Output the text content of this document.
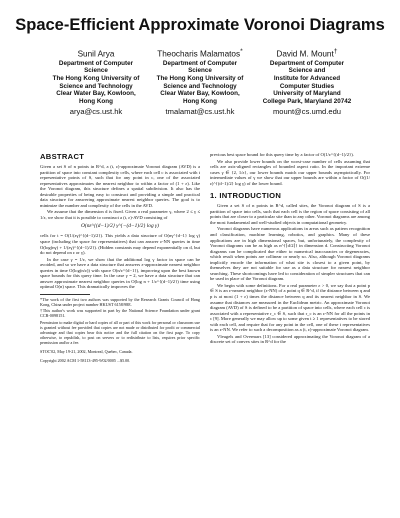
Space-Efficient Approximate Voronoi Diagrams
Sunil Arya
Department of Computer
Science
The Hong Kong University of
Science and Technology
Clear Water Bay, Kowloon,
Hong Kong
arya@cs.ust.hk
Theocharis Malamatos*
Department of Computer
Science
The Hong Kong University of
Science and Technology
Clear Water Bay, Kowloon,
Hong Kong
tmalamat@cs.ust.hk
David M. Mount†
Department of Computer
Science and
Institute for Advanced
Computer Studies
University of Maryland
College Park, Maryland 20742
mount@cs.umd.edu
ABSTRACT

Given a set S of n points in R^d, a (t, ε)-approximate Voronoi diagram (AVD) is a partition of space into constant complexity cells, where each cell c is associated with t representative points of S, such that for any point in c, one of the associated representatives approximates the nearest neighbor to within a factor of (1 + ε). Like the Voronoi diagram, this structure defines a spatial subdivision. It also has the desirable properties of being easy to construct and providing a simple and practical data structure for answering approximate nearest neighbor queries. The goal is to minimize the number and complexity of the cells in the AVD.

We assume that the dimension d is fixed. Given a real parameter γ, where 2 ≤ γ ≤ 1/ε, we show that it is possible to construct a (t, ε)-AVD consisting of

O(nε^{(d−1)/2} γ^{−(d−1)/2} log γ)

cells for t = O(1/(εγ)^{(d−1)/2}). This yields a data structure of O(nγ^{d−1} log γ) space (including the space for representatives) that can answer ε-NN queries in time O(log(nγ) + 1/(εγ)^{(d−1)/2}). (Hidden constants may depend exponentially on d, but do not depend on ε or γ).

In the case γ = 1/ε, we show that the additional log γ factor in space can be avoided, and so we have a data structure that answers ε-approximate nearest neighbor queries in time O(log(n/ε)) with space O(n/ε^{d−1}), improving upon the best known space bounds for this query time. In the case γ = 2, we have a data structure that can answer approximate nearest neighbor queries in O(log n + 1/ε^{(d−1)/2}) time using optimal O(n) space. This dramatically improves the

*The work of the first two authors was supported by the Research Grants Council of Hong Kong, China under project number HKUST 6158/98E.

†This author's work was supported in part by the National Science Foundation under grant CCR-0098151.

Permission to make digital or hard copies of all or part of this work for personal or classroom use is granted without fee provided that copies are not made or distributed for profit or commercial advantage and that copies bear this notice and the full citation on the first page. To copy otherwise, to republish, to post on servers or to redistribute to lists, requires prior specific permission and/or a fee.

STOC'02, May 19-21, 2002, Montreal, Quebec, Canada.

Copyright 2002 ACM 1-58113-495-9/02/0005 ...$5.00.

previous best space bound for this query time by a factor of O(1/ε^{(d−1)/2}).

We also provide lower bounds on the worst-case number of cells assuming that cells are axis-aligned rectangles of bounded aspect ratio. In the important extreme cases γ ∈ {2, 1/ε}, our lower bounds match our upper bounds asymptotically. For intermediate values of γ we show that our upper bounds are within a factor of O((1/ε)^{(d−1)/2} log γ) of the lower bound.

1. INTRODUCTION

Given a set S of n points in R^d, called sites, the Voronoi diagram of S is a partition of space into cells, such that each cell is the region of space consisting of all points that are closer to a particular site than to any other. Voronoi diagrams are among the most fundamental and well-studied objects in computational geometry.

Voronoi diagrams have numerous applications in areas such as pattern recognition and classification, machine learning, robotics, and graphics. Many of these applications are in high dimensional spaces, but, unfortunately, the complexity of Voronoi diagrams can be as high as n^{⌈d/2⌉} in dimension d. Constructing Voronoi diagrams can be complicated due either to numerical inaccuracies or degeneracies, which result when points are collinear or nearly so. Also, although Voronoi diagrams implicitly encode the information of what site is closest to a given point, by themselves they are not suitable for use as a data structure for nearest neighbor searching. These shortcomings have led to consideration of simpler structures that can be used in place of the Voronoi diagram.

We begin with some definitions. For a real parameter ε > 0, we say that a point p ∈ S is an ε-nearest neighbor (ε-NN) of a point q ∈ R^d, if the distance between q and p is at most (1 + ε) times the distance between q and its nearest neighbor in S. We assume that distances are measured in the Euclidean metric. An approximate Voronoi diagram (AVD) of S is defined to be a partition of space into cells, where each cell c is associated with a representative r_c ∈ S, such that r_c is an ε-NN for all the points in c [9]. More generally we may allow up to some given t ≥ 1 representatives to be stored with each cell, and require that for any point in the cell, one of these t representatives is an ε-NN. We refer to such a decomposition as a (t, ε)-approximate Voronoi diagram.

Vleugels and Overmars [13] considered approximating the Voronoi diagram of a discrete set of convex sites in R^d for the
